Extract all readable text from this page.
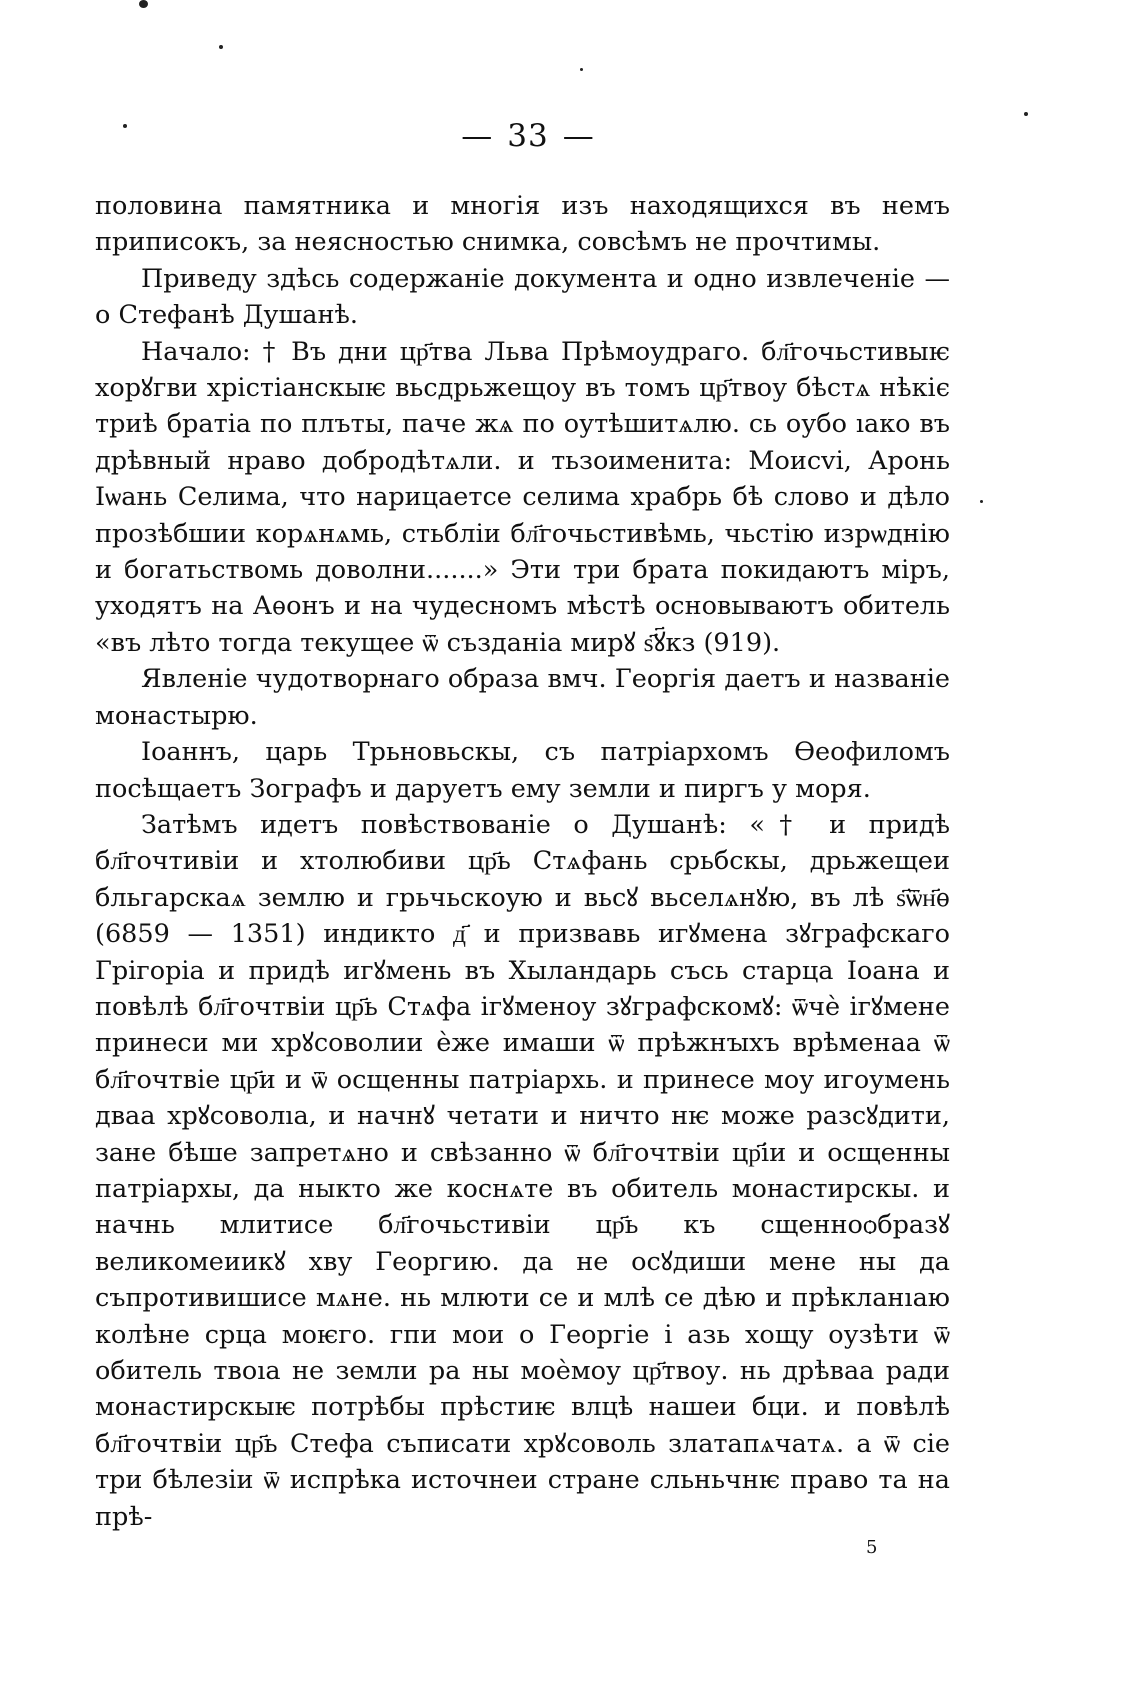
— 33 —

половина памятника и многія изъ находящихся въ немъ приписокъ, за неясностью снимка, совсѣмъ не прочтимы.

Приведу здѣсь содержаніе документа и одно извлеченіе — о Стефанѣ Душанѣ.

Начало: † Въ дни цр҃тва Льва Прѣмоудраго. бл҃гочьстивыѥ хорꙋгви хрістіанскыѥ вьсдрьжещоу въ томъ цр҃твоу бѣстѧ нѣкіє триѣ братіа по плъты, паче жѧ по оутѣшитѧлю. сь оубо ıако въ дрѣвный нраво добродѣтѧли. и тьзоименита: Моисvі, Аронь Іѡань Селима, что нарицаетсе селима храбрь бѣ слово и дѣло прозѣбшии корѧнѧмь, стьбліи бл҃гочьстивѣмь, чьстію изрѡднію и богатьствомь доволни.......» Эти три брата покидаютъ міръ, уходятъ на Аѳонъ и на чудесномъ мѣстѣ основываютъ обитель «въ лѣто тогда текущее ѿ създаніа мирꙋ ѕ҃ꙋ҃кз (919).

Явленіе чудотворнаго образа вмч. Георгія даетъ и названіе монастырю.

Іоаннъ, царь Трьновьскы, съ патріархомъ Ѳеофиломъ посѣщаетъ Зографъ и даруетъ ему земли и пиргъ у моря.

Затѣмъ идетъ повѣствованіе о Душанѣ: «† и придѣ бл҃гочтивіи и хтолюбиви цр҃ь Стѧфань срьбскы, дрьжещеи бльгарскаѧ землю и грьчьскоую и вьсꙋ вьселѧнꙋю, въ лѣ ѕ҃ѿн҃ѳ (6859 — 1351) индикто д҃ и призвавь игꙋмена зꙋграфскаго Грігоріа и придѣ игꙋмень въ Хыландарь съсь старца Іоана и повѣлѣ бл҃гочтвіи цр҃ь Стѧфа ігꙋменоу зꙋграфскомꙋ: ѿчѐ ігꙋмене принеси ми хрꙋсоволии ѐже имаши ѿ прѣжнꙑхъ врѣменаа ѿ бл҃гочтвіе цр҃и и ѿ осщенны патріархь. и принесе моу игоумень двaa хрꙋсоволıа, и начнꙋ четати и ничто нѥ може разсꙋдити, зане бѣше запретѧно и свѣзанно ѿ бл҃гочтвіи цр҃іи и осщенны патріархы, да ныкто же коснѧте въ обитель монастирскы. и начнь млитисе бл҃гочьстивіи цр҃ь къ сщенноѻбразꙋ великомеиикꙋ хву Георгию. да не осꙋдиши мене ны да съпротивишисе мѧне. нь млюти се и млѣ се дѣю и прѣкланıаю колѣне срца моѥго. гпи мои о Георгіе і азь хощу оузѣти ѿ обитель твоıа не земли ра ны моѐмоу цр҃твоу. нь дрѣваа ради монастирскыѥ потрѣбы прѣстиѥ влцѣ нашеи бци. и повѣлѣ бл҃гочтвіи цр҃ь Стефа съписати хрꙋсоволь златапѧчатѧ. а ѿ сіе три бѣлезіи ѿ испрѣка источнеи стране сльньчнѥ право та на прѣ-

5
